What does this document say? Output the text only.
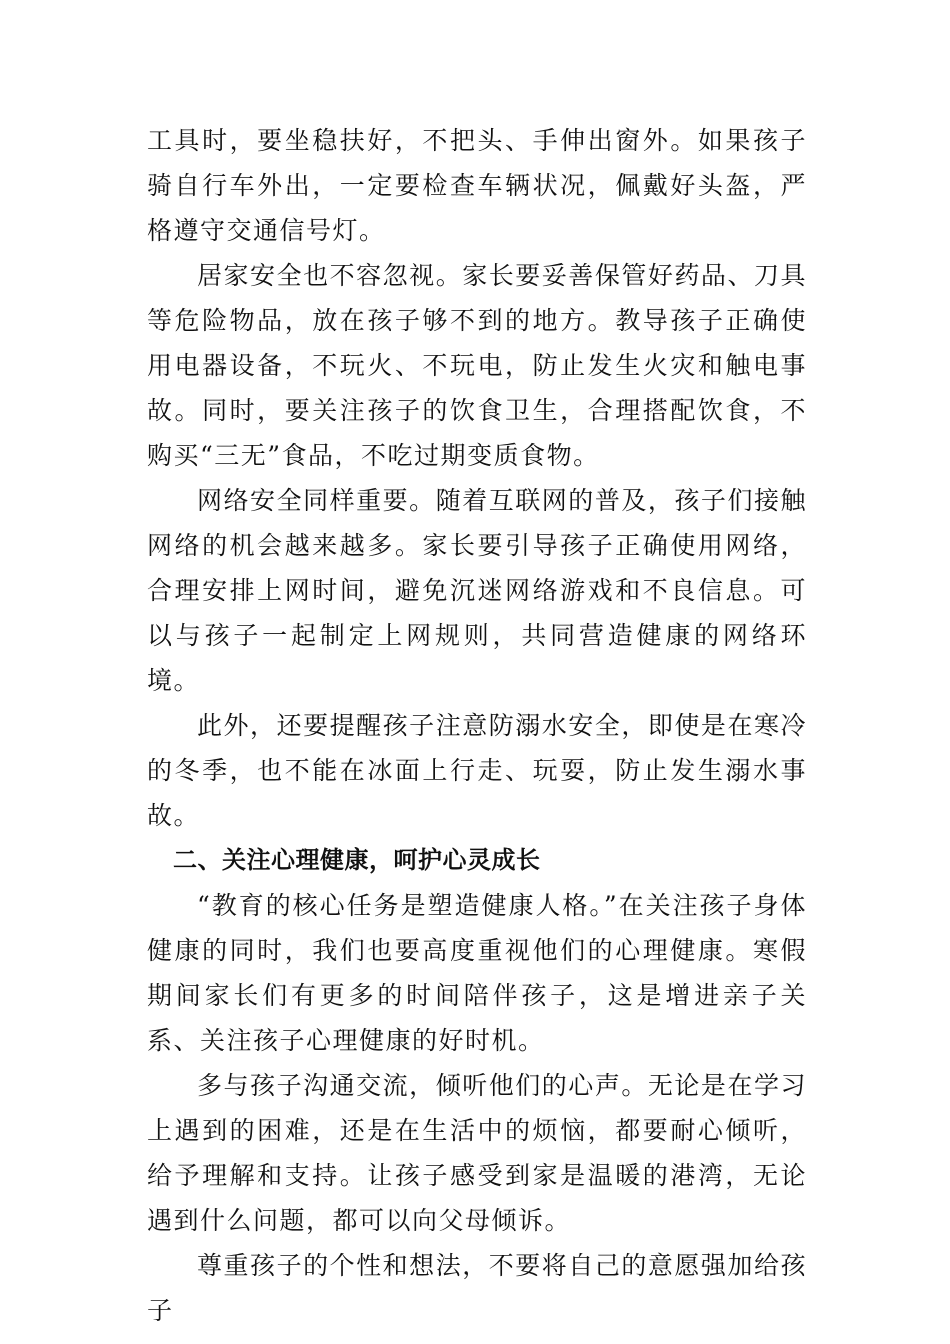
工具时，要坐稳扶好，不把头、手伸出窗外。如果孩子骑自行车外出，一定要检查车辆状况，佩戴好头盔，严格遵守交通信号灯。

居家安全也不容忽视。家长要妥善保管好药品、刀具等危险物品，放在孩子够不到的地方。教导孩子正确使用电器设备，不玩火、不玩电，防止发生火灾和触电事故。同时，要关注孩子的饮食卫生，合理搭配饮食，不购买“三无”食品，不吃过期变质食物。

网络安全同样重要。随着互联网的普及，孩子们接触网络的机会越来越多。家长要引导孩子正确使用网络，合理安排上网时间，避免沉迷网络游戏和不良信息。可以与孩子一起制定上网规则，共同营造健康的网络环境。

此外，还要提醒孩子注意防溺水安全，即使是在寒冷的冬季，也不能在冰面上行走、玩耍，防止发生溺水事故。

二、关注心理健康，呵护心灵成长

“教育的核心任务是塑造健康人格。”在关注孩子身体健康的同时，我们也要高度重视他们的心理健康。寒假期间家长们有更多的时间陪伴孩子，这是增进亲子关系、关注孩子心理健康的好时机。

多与孩子沟通交流，倾听他们的心声。无论是在学习上遇到的困难，还是在生活中的烦恼，都要耐心倾听，给予理解和支持。让孩子感受到家是温暖的港湾，无论遇到什么问题，都可以向父母倾诉。

尊重孩子的个性和想法，不要将自己的意愿强加给孩子
